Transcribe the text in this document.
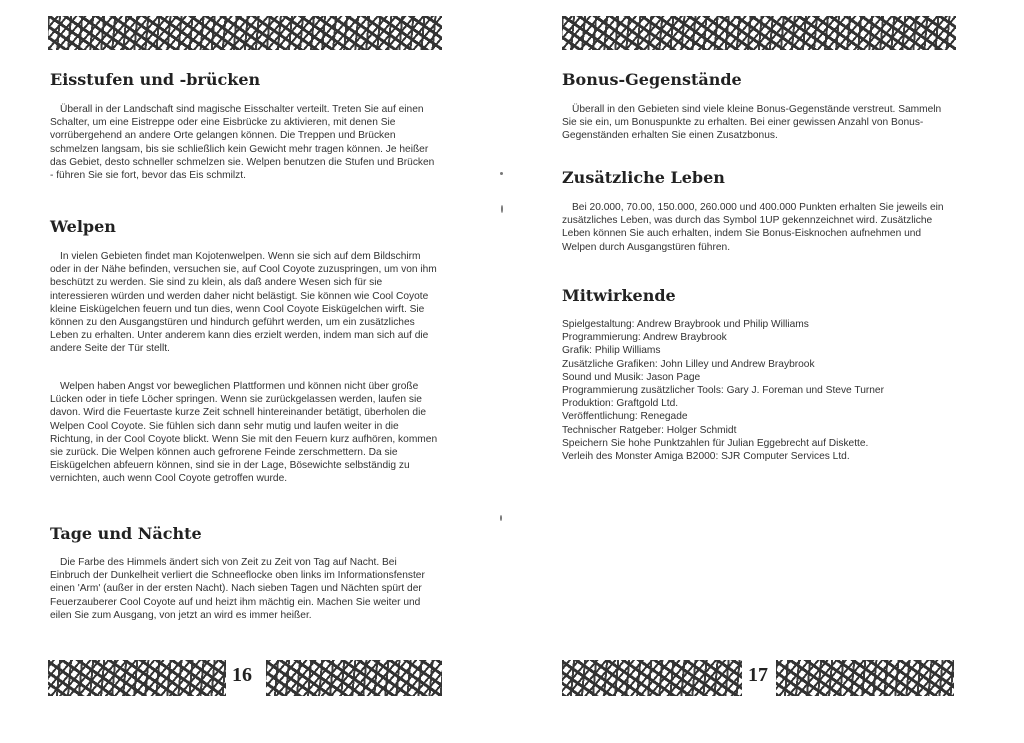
Eisstufen und -brücken

Überall in der Landschaft sind magische Eisschalter verteilt. Treten Sie auf einen Schalter, um eine Eistreppe oder eine Eisbrücke zu aktivieren, mit denen Sie vorrübergehend an andere Orte gelangen können. Die Treppen und Brücken schmelzen langsam, bis sie schließlich kein Gewicht mehr tragen können. Je heißer das Gebiet, desto schneller schmelzen sie. Welpen benutzen die Stufen und Brücken - führen Sie sie fort, bevor das Eis schmilzt.

Welpen

In vielen Gebieten findet man Kojotenwelpen. Wenn sie sich auf dem Bildschirm oder in der Nähe befinden, versuchen sie, auf Cool Coyote zuzuspringen, um von ihm beschützt zu werden. Sie sind zu klein, als daß andere Wesen sich für sie interessieren würden und werden daher nicht belästigt. Sie können wie Cool Coyote kleine Eiskügelchen feuern und tun dies, wenn Cool Coyote Eiskügelchen wirft. Sie können zu den Ausgangstüren und hindurch geführt werden, um ein zusätzliches Leben zu erhalten. Unter anderem kann dies erzielt werden, indem man sich auf die andere Seite der Tür stellt.

Welpen haben Angst vor beweglichen Plattformen und können nicht über große Lücken oder in tiefe Löcher springen. Wenn sie zurückgelassen werden, laufen sie davon. Wird die Feuertaste kurze Zeit schnell hintereinander betätigt, überholen die Welpen Cool Coyote. Sie fühlen sich dann sehr mutig und laufen weiter in die Richtung, in der Cool Coyote blickt. Wenn Sie mit den Feuern kurz aufhören, kommen sie zurück. Die Welpen können auch gefrorene Feinde zerschmettern. Da sie Eiskügelchen abfeuern können, sind sie in der Lage, Bösewichte selbständig zu vernichten, auch wenn Cool Coyote getroffen wurde.

Tage und Nächte

Die Farbe des Himmels ändert sich von Zeit zu Zeit von Tag auf Nacht. Bei Einbruch der Dunkelheit verliert die Schneeflocke oben links im Informationsfenster einen 'Arm' (außer in der ersten Nacht). Nach sieben Tagen und Nächten spürt der Feuerzauberer Cool Coyote auf und heizt ihm mächtig ein. Machen Sie weiter und eilen Sie zum Ausgang, von jetzt an wird es immer heißer.

16
Bonus-Gegenstände

Überall in den Gebieten sind viele kleine Bonus-Gegenstände verstreut. Sammeln Sie sie ein, um Bonuspunkte zu erhalten. Bei einer gewissen Anzahl von Bonus-Gegenständen erhalten Sie einen Zusatzbonus.

Zusätzliche Leben

Bei 20.000, 70.00, 150.000, 260.000 und 400.000 Punkten erhalten Sie jeweils ein zusätzliches Leben, was durch das Symbol 1UP gekennzeichnet wird. Zusätzliche Leben können Sie auch erhalten, indem Sie Bonus-Eisknochen aufnehmen und Welpen durch Ausgangstüren führen.

Mitwirkende
Spielgestaltung: Andrew Braybrook und Philip Williams
Programmierung: Andrew Braybrook
Grafik: Philip Williams
Zusätzliche Grafiken: John Lilley und Andrew Braybrook
Sound und Musik: Jason Page
Programmierung zusätzlicher Tools: Gary J. Foreman und Steve Turner
Produktion: Graftgold Ltd.
Veröffentlichung: Renegade
Technischer Ratgeber: Holger Schmidt
Speichern Sie hohe Punktzahlen für Julian Eggebrecht auf Diskette.
Verleih des Monster Amiga B2000: SJR Computer Services Ltd.
17
